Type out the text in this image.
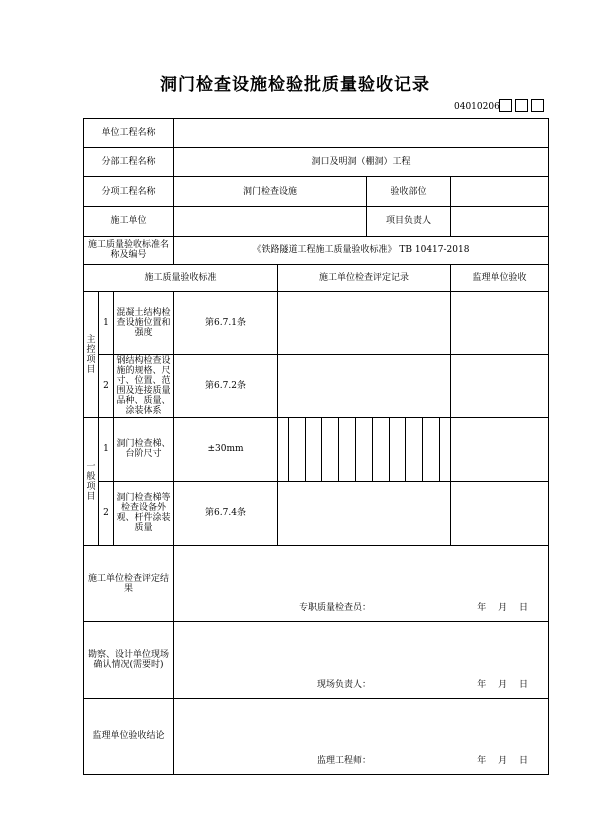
洞门检查设施检验批质量验收记录
04010206
单位工程名称	
分部工程名称	洞口及明洞（棚洞）工程
分项工程名称	洞门检查设施	验收部位	
施工单位		项目负责人	
施工质量验收标准名称及编号	《铁路隧道工程施工质量验收标准》 TB 10417-2018
施工质量验收标准	施工单位检查评定记录	监理单位验收

主控项目
	1	混凝土结构检查设施位置和强度	第6.7.1条		
2	钢结构检查设施的规格、尺寸、位置、范围及连接质量品种、质量、涂装体系	第6.7.2条		

一般项目
	1	洞门检查梯、台阶尺寸	±30mm	

2	洞门检查梯等检查设备外观、杆件涂装质量	第6.7.4条		
施工单位检查评定结果	
专职质量检查员：	年 月 日

勘察、设计单位现场确认情况(需要时)	
现场负责人：	年 月 日

监理单位验收结论	
监理工程师：	年 月 日
